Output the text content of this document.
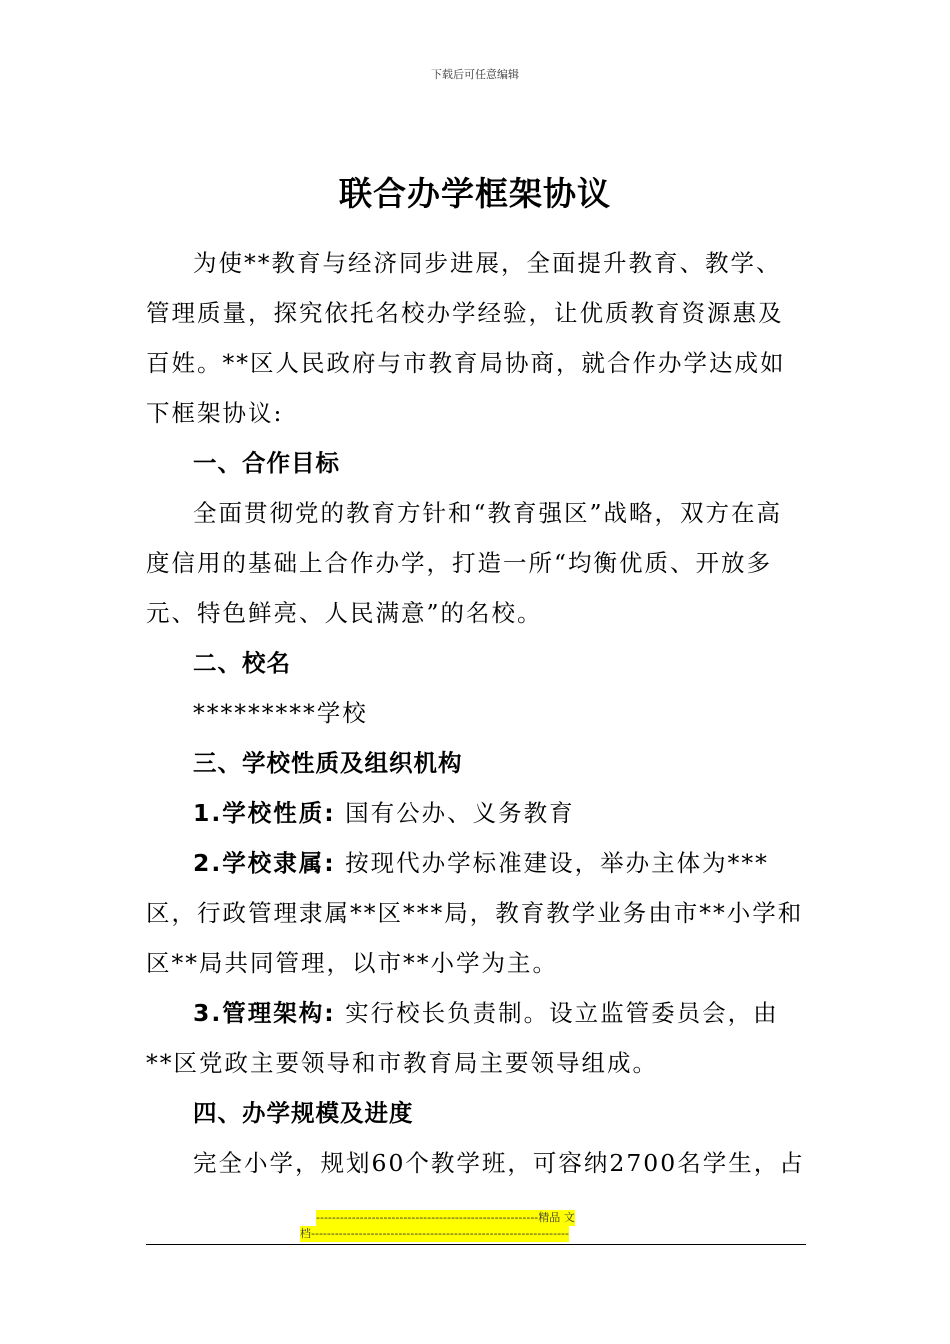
下载后可任意编辑
联合办学框架协议

为使**教育与经济同步进展，全面提升教育、教学、管理质量，探究依托名校办学经验，让优质教育资源惠及百姓。**区人民政府与市教育局协商，就合作办学达成如下框架协议:

一、合作目标

全面贯彻党的教育方针和“教育强区”战略，双方在高度信用的基础上合作办学，打造一所“均衡优质、开放多元、特色鲜亮、人民满意”的名校。

二、校名

*********学校

三、学校性质及组织机构

1.学校性质: 国有公办、义务教育

2.学校隶属: 按现代办学标准建设，举办主体为***区，行政管理隶属**区***局，教育教学业务由市**小学和区**局共同管理，以市**小学为主。

3.管理架构: 实行校长负责制。设立监管委员会，由**区党政主要领导和市教育局主要领导组成。

四、办学规模及进度

完全小学，规划60个教学班，可容纳2700名学生，占

--------------------------------------------------------精品 文
档-----------------------------------------------------------------
